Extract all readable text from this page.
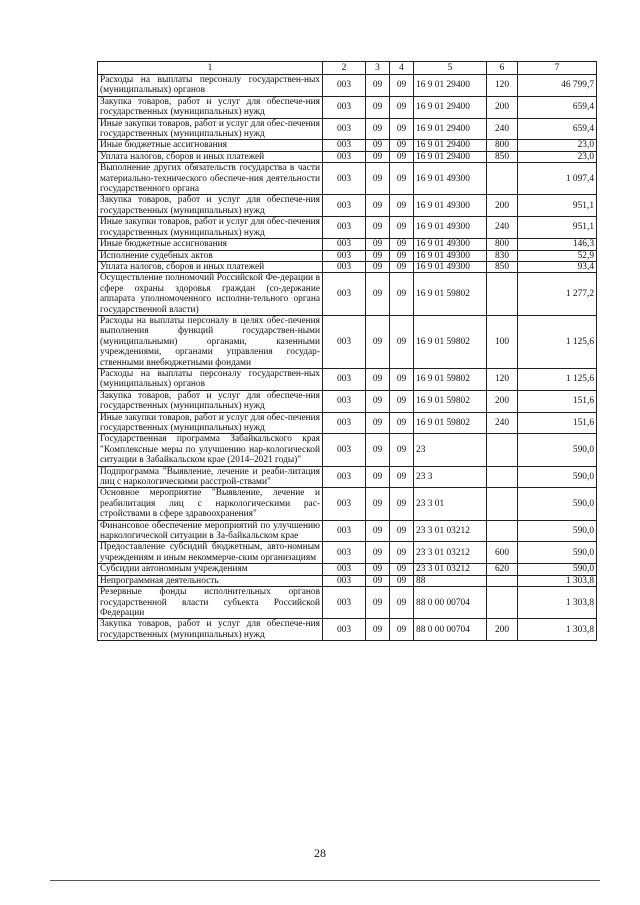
1	2	3	4	5	6	7
Расходы на выплаты персоналу государствен-ных (муниципальных) органов	003	09	09	16 9 01 29400	120	46 799,7
Закупка товаров, работ и услуг для обеспече-ния государственных (муниципальных) нужд	003	09	09	16 9 01 29400	200	659,4
Иные закупки товаров, работ и услуг для обес-печения государственных (муниципальных) нужд	003	09	09	16 9 01 29400	240	659,4
Иные бюджетные ассигнования	003	09	09	16 9 01 29400	800	23,0
Уплата налогов, сборов и иных платежей	003	09	09	16 9 01 29400	850	23,0
Выполнение других обязательств государства в части материально-технического обеспече-ния деятельности государственного органа	003	09	09	16 9 01 49300		1 097,4
Закупка товаров, работ и услуг для обеспече-ния государственных (муниципальных) нужд	003	09	09	16 9 01 49300	200	951,1
Иные закупки товаров, работ и услуг для обес-печения государственных (муниципальных) нужд	003	09	09	16 9 01 49300	240	951,1
Иные бюджетные ассигнования	003	09	09	16 9 01 49300	800	146,3
Исполнение судебных актов	003	09	09	16 9 01 49300	830	52,9
Уплата налогов, сборов и иных платежей	003	09	09	16 9 01 49300	850	93,4
Осуществление полномочий Российской Фе-дерации в сфере охраны здоровья граждан (со-держание аппарата уполномоченного исполни-тельного органа государственной власти)	003	09	09	16 9 01 59802		1 277,2
Расходы на выплаты персоналу в целях обес-печения выполнения функций государствен-ными (муниципальными) органами, казенными учреждениями, органами управления государ-ственными внебюджетными фондами	003	09	09	16 9 01 59802	100	1 125,6
Расходы на выплаты персоналу государствен-ных (муниципальных) органов	003	09	09	16 9 01 59802	120	1 125,6
Закупка товаров, работ и услуг для обеспече-ния государственных (муниципальных) нужд	003	09	09	16 9 01 59802	200	151,6
Иные закупки товаров, работ и услуг для обес-печения государственных (муниципальных) нужд	003	09	09	16 9 01 59802	240	151,6
Государственная программа Забайкальского края "Комплексные меры по улучшению нар-кологической ситуации в Забайкальском крае (2014–2021 годы)"	003	09	09	23		590,0
Подпрограмма "Выявление, лечение и реаби-литация лиц с наркологическими расстрой-ствами"	003	09	09	23 3		590,0
Основное мероприятие "Выявление, лечение и реабилитация лиц с наркологическими рас-стройствами в сфере здравоохранения"	003	09	09	23 3 01		590,0
Финансовое обеспечение мероприятий по улучшению наркологической ситуации в За-байкальском крае	003	09	09	23 3 01 03212		590,0
Предоставление субсидий бюджетным, авто-номным учреждениям и иным некоммерче-ским организациям	003	09	09	23 3 01 03212	600	590,0
Субсидии автономным учреждениям	003	09	09	23 3 01 03212	620	590,0
Непрограммная деятельность	003	09	09	88		1 303,8
Резервные фонды исполнительных органов государственной власти субъекта Российской Федерации	003	09	09	88 0 00 00704		1 303,8
Закупка товаров, работ и услуг для обеспече-ния государственных (муниципальных) нужд	003	09	09	88 0 00 00704	200	1 303,8
28
